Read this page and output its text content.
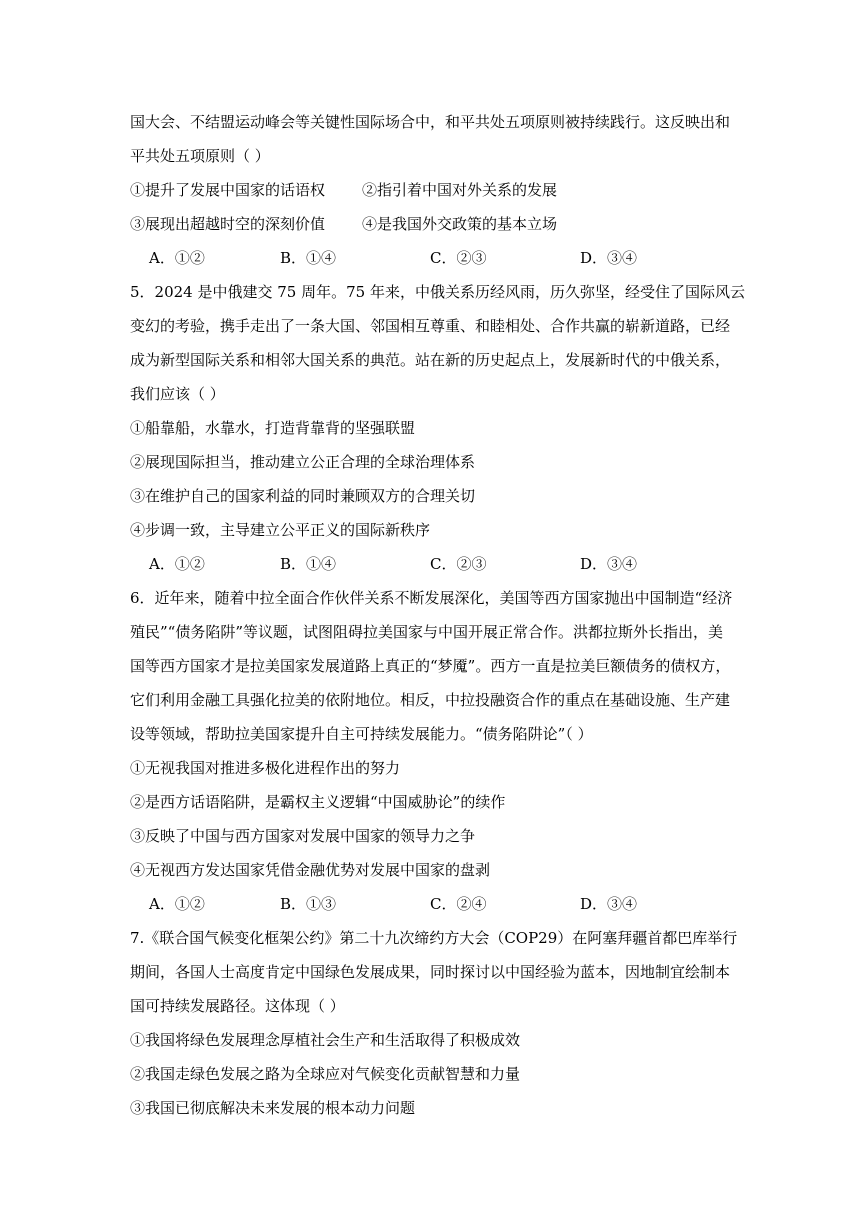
国大会、不结盟运动峰会等关键性国际场合中，和平共处五项原则被持续践行。这反映出和
平共处五项原则（ ）
①提升了发展中国家的话语权 ②指引着中国对外关系的发展
③展现出超越时空的深刻价值 ④是我国外交政策的基本立场
A．①②	B．①④	C．②③	D．③④
5．2024 是中俄建交 75 周年。75 年来，中俄关系历经风雨，历久弥坚，经受住了国际风云
变幻的考验，携手走出了一条大国、邻国相互尊重、和睦相处、合作共赢的崭新道路，已经
成为新型国际关系和相邻大国关系的典范。站在新的历史起点上，发展新时代的中俄关系，
我们应该（ ）
①船靠船，水靠水，打造背靠背的坚强联盟
②展现国际担当，推动建立公正合理的全球治理体系
③在维护自己的国家利益的同时兼顾双方的合理关切
④步调一致，主导建立公平正义的国际新秩序
A．①②	B．①④	C．②③	D．③④
6．近年来，随着中拉全面合作伙伴关系不断发展深化，美国等西方国家抛出中国制造“经济
殖民”“债务陷阱”等议题，试图阻碍拉美国家与中国开展正常合作。洪都拉斯外长指出，美
国等西方国家才是拉美国家发展道路上真正的“梦魇”。西方一直是拉美巨额债务的债权方，
它们利用金融工具强化拉美的依附地位。相反，中拉投融资合作的重点在基础设施、生产建
设等领域，帮助拉美国家提升自主可持续发展能力。“债务陷阱论”（ ）
①无视我国对推进多极化进程作出的努力
②是西方话语陷阱，是霸权主义逻辑“中国威胁论”的续作
③反映了中国与西方国家对发展中国家的领导力之争
④无视西方发达国家凭借金融优势对发展中国家的盘剥
A．①②	B．①③	C．②④	D．③④
7.《联合国气候变化框架公约》第二十九次缔约方大会（COP29）在阿塞拜疆首都巴库举行
期间，各国人士高度肯定中国绿色发展成果，同时探讨以中国经验为蓝本，因地制宜绘制本
国可持续发展路径。这体现（ ）
①我国将绿色发展理念厚植社会生产和生活取得了积极成效
②我国走绿色发展之路为全球应对气候变化贡献智慧和力量
③我国已彻底解决未来发展的根本动力问题
